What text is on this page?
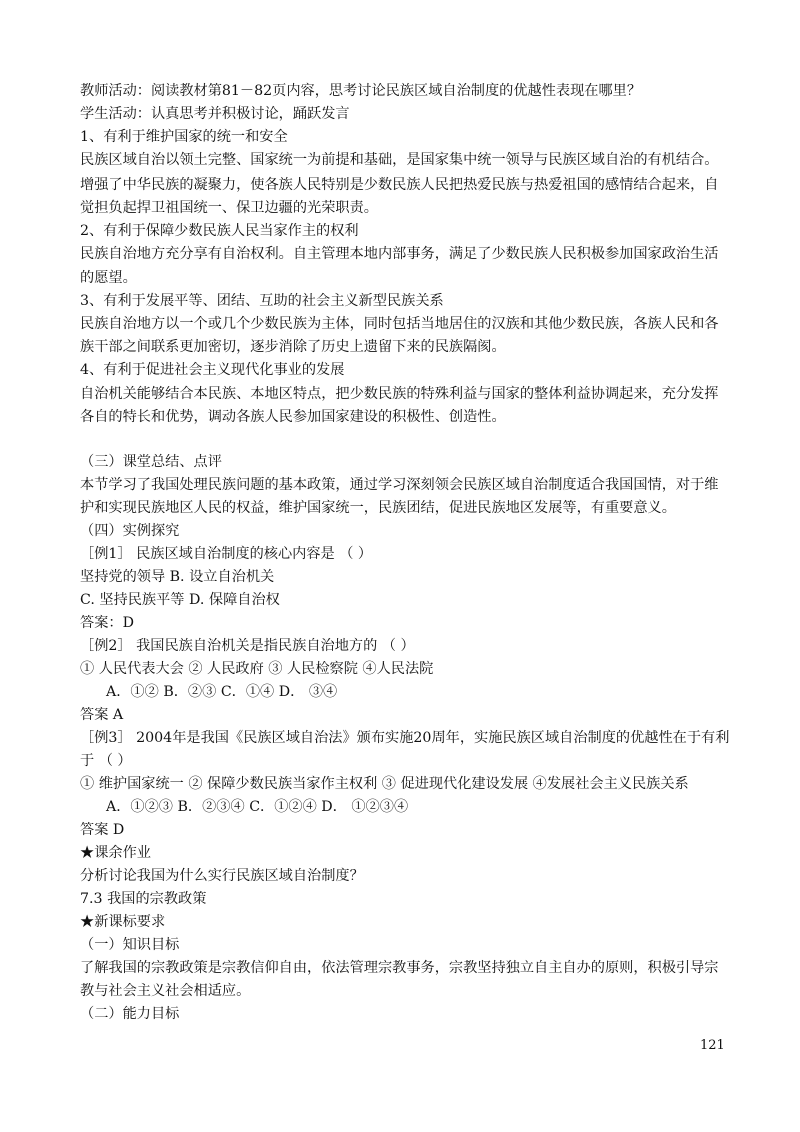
教师活动：阅读教材第81－82页内容，思考讨论民族区域自治制度的优越性表现在哪里？
学生活动：认真思考并积极讨论，踊跃发言
1、有利于维护国家的统一和安全
民族区域自治以领土完整、国家统一为前提和基础，是国家集中统一领导与民族区域自治的有机结合。
增强了中华民族的凝聚力，使各族人民特别是少数民族人民把热爱民族与热爱祖国的感情结合起来，自
觉担负起捍卫祖国统一、保卫边疆的光荣职责。
2、有利于保障少数民族人民当家作主的权利
民族自治地方充分享有自治权利。自主管理本地内部事务，满足了少数民族人民积极参加国家政治生活
的愿望。
3、有利于发展平等、团结、互助的社会主义新型民族关系
民族自治地方以一个或几个少数民族为主体，同时包括当地居住的汉族和其他少数民族，各族人民和各
族干部之间联系更加密切，逐步消除了历史上遗留下来的民族隔阂。
4、有利于促进社会主义现代化事业的发展
自治机关能够结合本民族、本地区特点，把少数民族的特殊利益与国家的整体利益协调起来，充分发挥
各自的特长和优势，调动各族人民参加国家建设的积极性、创造性。
（三）课堂总结、点评
本节学习了我国处理民族问题的基本政策，通过学习深刻领会民族区域自治制度适合我国国情，对于维
护和实现民族地区人民的权益，维护国家统一，民族团结，促进民族地区发展等，有重要意义。
（四）实例探究
［例1］ 民族区域自治制度的核心内容是 （ ）
坚持党的领导 B. 设立自治机关
C. 坚持民族平等 D. 保障自治权
答案：D
［例2］ 我国民族自治机关是指民族自治地方的 （ ）
① 人民代表大会 ② 人民政府 ③ 人民检察院 ④人民法院
A．①② B．②③ C．①④ D． ③④
答案 A
［例3］ 2004年是我国《民族区域自治法》颁布实施20周年，实施民族区域自治制度的优越性在于有利
于 （ ）
① 维护国家统一 ② 保障少数民族当家作主权利 ③ 促进现代化建设发展 ④发展社会主义民族关系
A．①②③ B．②③④ C．①②④ D． ①②③④
答案 D
★课余作业
分析讨论我国为什么实行民族区域自治制度？
7.3 我国的宗教政策
★新课标要求
（一）知识目标
了解我国的宗教政策是宗教信仰自由，依法管理宗教事务，宗教坚持独立自主自办的原则，积极引导宗
教与社会主义社会相适应。
（二）能力目标
121
